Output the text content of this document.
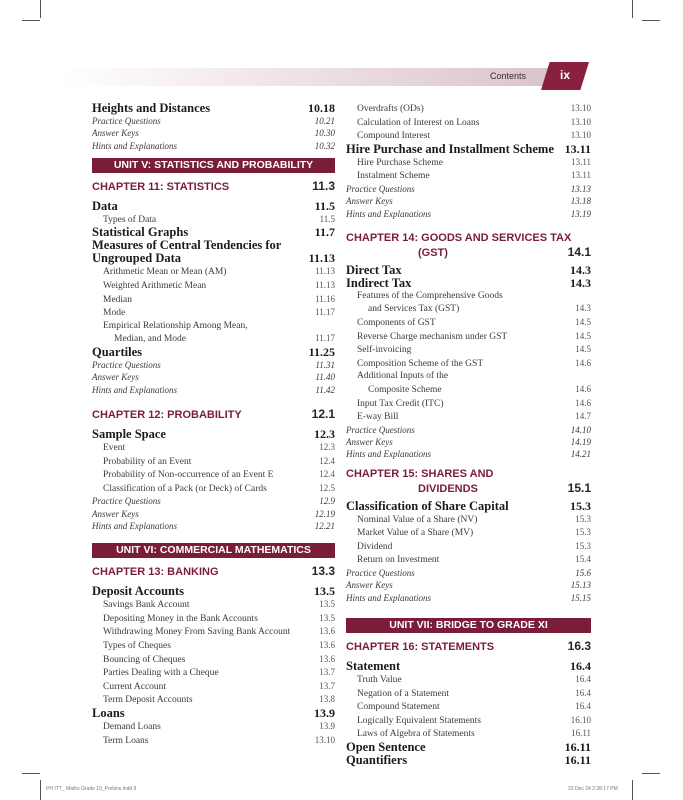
Contents	ix
Heights and Distances	10.18
Practice Questions	10.21
Answer Keys	10.30
Hints and Explanations	10.32
UNIT V: STATISTICS AND PROBABILITY
CHAPTER 11: STATISTICS	11.3
Data	11.5
Types of Data	11.5
Statistical Graphs	11.7
Measures of Central Tendencies for
Ungrouped Data	11.13
Arithmetic Mean or Mean (AM)	11.13
Weighted Arithmetic Mean	11.13
Median	11.16
Mode	11.17
Empirical Relationship Among Mean,
Median, and Mode	11.17
Quartiles	11.25
Practice Questions	11.31
Answer Keys	11.40
Hints and Explanations	11.42
CHAPTER 12: PROBABILITY	12.1
Sample Space	12.3
Event	12.3
Probability of an Event	12.4
Probability of Non-occurrence of an Event E	12.4
Classification of a Pack (or Deck) of Cards	12.5
Practice Questions	12.9
Answer Keys	12.19
Hints and Explanations	12.21
UNIT VI: COMMERCIAL MATHEMATICS
CHAPTER 13: BANKING	13.3
Deposit Accounts	13.5
Savings Bank Account	13.5
Depositing Money in the Bank Accounts	13.5
Withdrawing Money From Saving Bank Account	13.6
Types of Cheques	13.6
Bouncing of Cheques	13.6
Parties Dealing with a Cheque	13.7
Current Account	13.7
Term Deposit Accounts	13.8
Loans	13.9
Demand Loans	13.9
Term Loans	13.10
Overdrafts (ODs)	13.10
Calculation of Interest on Loans	13.10
Compound Interest	13.10
Hire Purchase and Installment Scheme 13.11
Hire Purchase Scheme	13.11
Instalment Scheme	13.11
Practice Questions	13.13
Answer Keys	13.18
Hints and Explanations	13.19
CHAPTER 14: GOODS AND SERVICES TAX
(GST)	14.1
Direct Tax	14.3
Indirect Tax	14.3
Features of the Comprehensive Goods
and Services Tax (GST)	14.3
Components of GST	14.5
Reverse Charge mechanism under GST	14.5
Self-invoicing	14.5
Composition Scheme of the GST	14.6
Additional Inputs of the
Composite Scheme	14.6
Input Tax Credit (ITC)	14.6
E-way Bill	14.7
Practice Questions	14.10
Answer Keys	14.19
Hints and Explanations	14.21
CHAPTER 15: SHARES AND
DIVIDENDS	15.1
Classification of Share Capital	15.3
Nominal Value of a Share (NV)	15.3
Market Value of a Share (MV)	15.3
Dividend	15.3
Return on Investment	15.4
Practice Questions	15.6
Answer Keys	15.13
Hints and Explanations	15.15
UNIT VII: BRIDGE TO GRADE XI
CHAPTER 16: STATEMENTS	16.3
Statement	16.4
Truth Value	16.4
Negation of a Statement	16.4
Compound Statement	16.4
Logically Equivalent Statements	16.10
Laws of Algebra of Statements	16.11
Open Sentence	16.11
Quantifiers	16.11
PH ITT_ Maths Grade 10_Prelims.indd 9	23 Dec 24 2:28:17 PM
